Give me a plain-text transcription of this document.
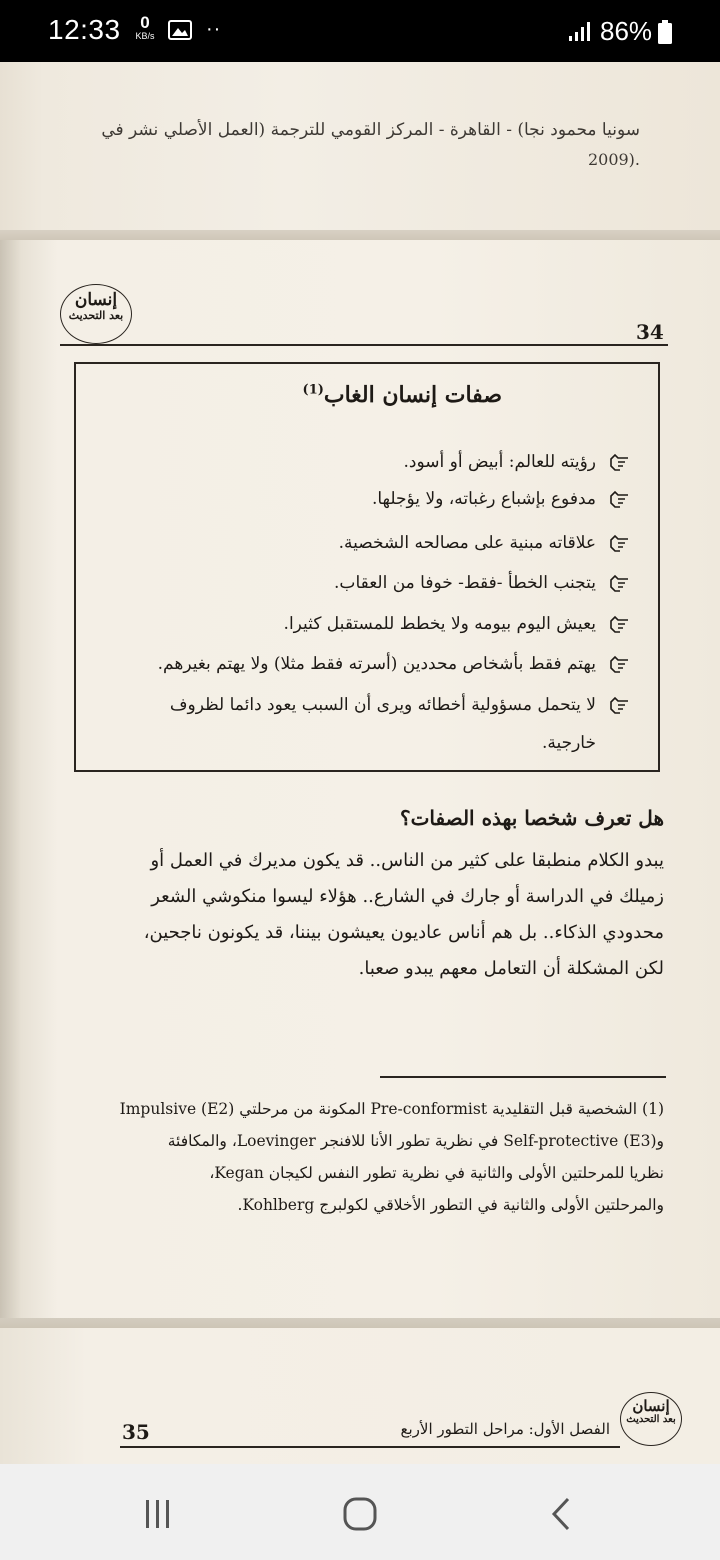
12:33	0
KB/s	··	86%
سونيا محمود نجا) - القاهرة - المركز القومي للترجمة (العمل الأصلي نشر في
.(2009
إنسان
بعد التحديث
34
صفات إنسان الغاب$^{(1)}$
رؤيته للعالم: أبيض أو أسود.
مدفوع بإشباع رغباته، ولا يؤجلها.
علاقاته مبنية على مصالحه الشخصية.
يتجنب الخطأ -فقط- خوفا من العقاب.
يعيش اليوم بيومه ولا يخطط للمستقبل كثيرا.
يهتم فقط بأشخاص محددين (أسرته فقط مثلا) ولا يهتم بغيرهم.
لا يتحمل مسؤولية أخطائه ويرى أن السبب يعود دائما لظروف
خارجية.
هل تعرف شخصا بهذه الصفات؟
يبدو الكلام منطبقا على كثير من الناس.. قد يكون مديرك في العمل أو
زميلك في الدراسة أو جارك في الشارع.. هؤلاء ليسوا منكوشي الشعر
محدودي الذكاء.. بل هم أناس عاديون يعيشون بيننا، قد يكونون ناجحين،
لكن المشكلة أن التعامل معهم يبدو صعبا.
(1) الشخصية قبل التقليدية Pre-conformist المكونة من مرحلتي Impulsive (E2)
وSelf-protective (E3) في نظرية تطور الأنا للافنجر Loevinger، والمكافئة
نظريا للمرحلتين الأولى والثانية في نظرية تطور النفس لكيجان Kegan،
والمرحلتين الأولى والثانية في التطور الأخلاقي لكولبرج Kohlberg.
35	الفصل الأول: مراحل التطور الأربع
إنسان
بعد التحديث
